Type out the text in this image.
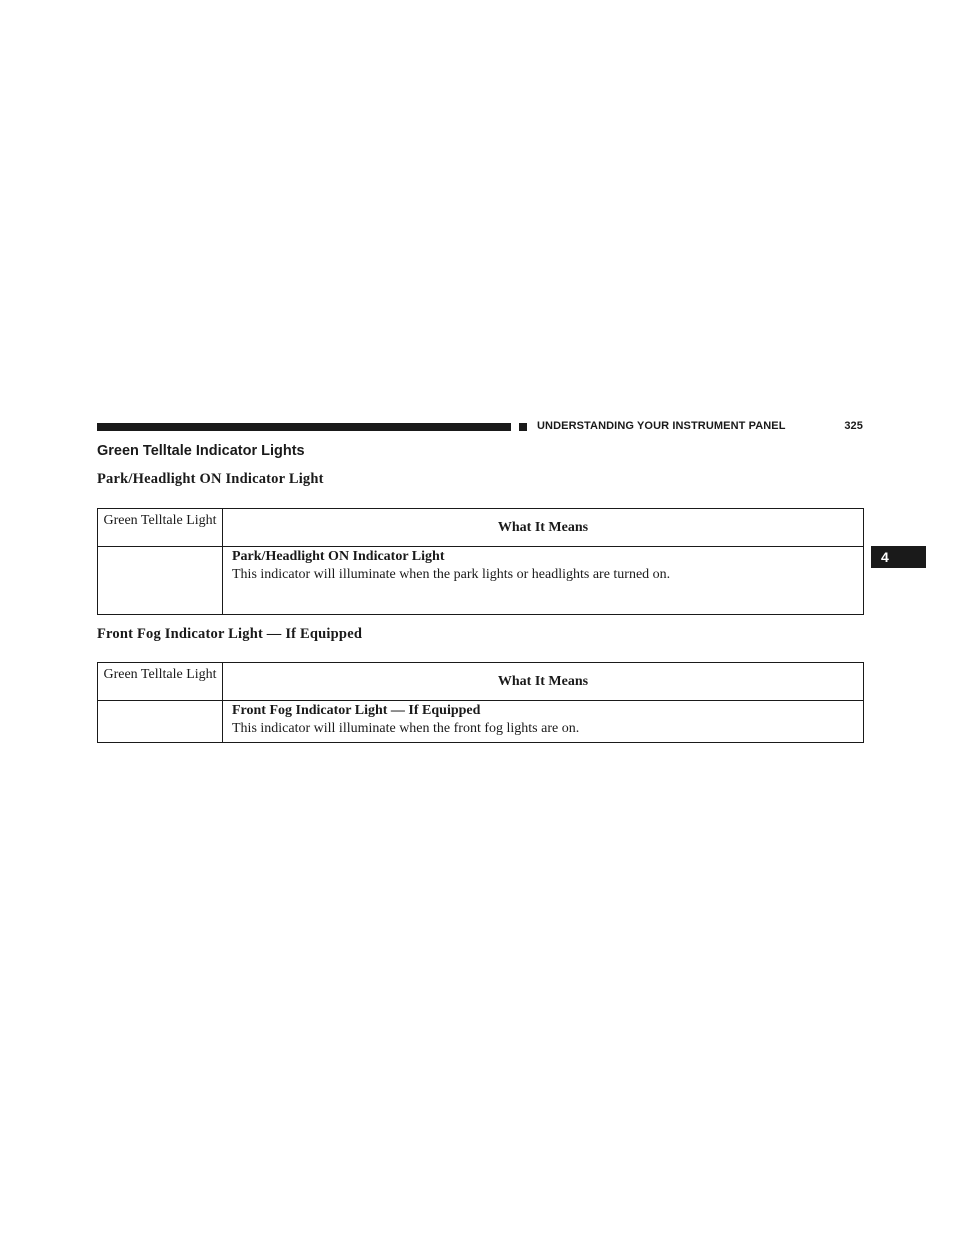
UNDERSTANDING YOUR INSTRUMENT PANEL	325
4
Green Telltale Indicator Lights
Park/Headlight ON Indicator Light
Green Telltale Light	What It Means

	Park/Headlight ON Indicator Light
This indicator will illuminate when the park lights or headlights are turned on.
Front Fog Indicator Light — If Equipped
Green Telltale Light	What It Means

	Front Fog Indicator Light — If Equipped
This indicator will illuminate when the front fog lights are on.
